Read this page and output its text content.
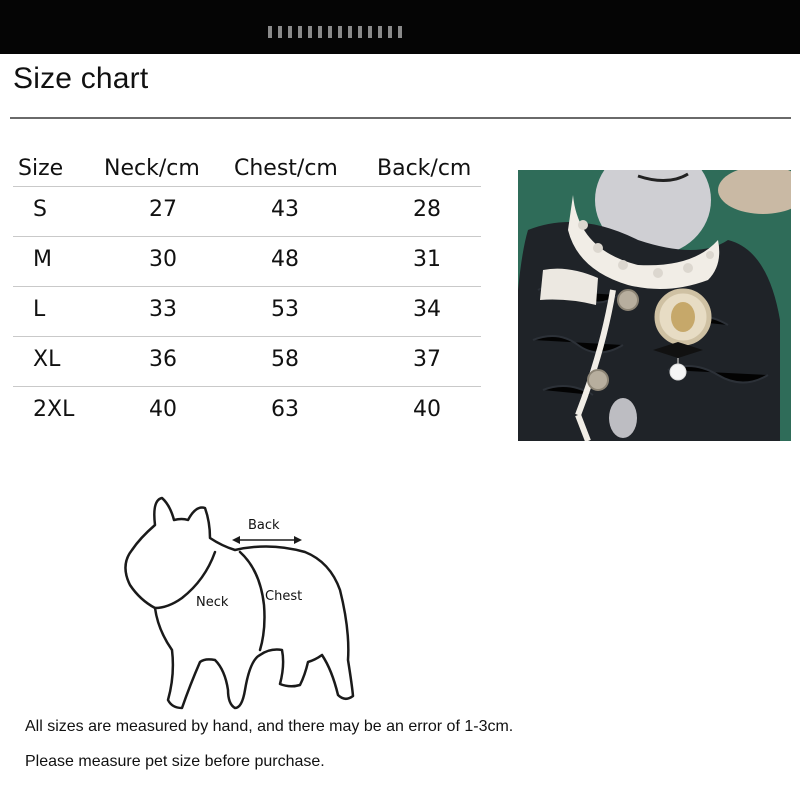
Size chart
Size Neck/cm Chest/cm Back/cm
S	27	43	28
M	30	48	31
L	33	53	34
XL	36	58	37
2XL	40	63	40
Back
Neck	Chest
All sizes are measured by hand, and there may be an error of 1-3cm.
Please measure pet size before purchase.
